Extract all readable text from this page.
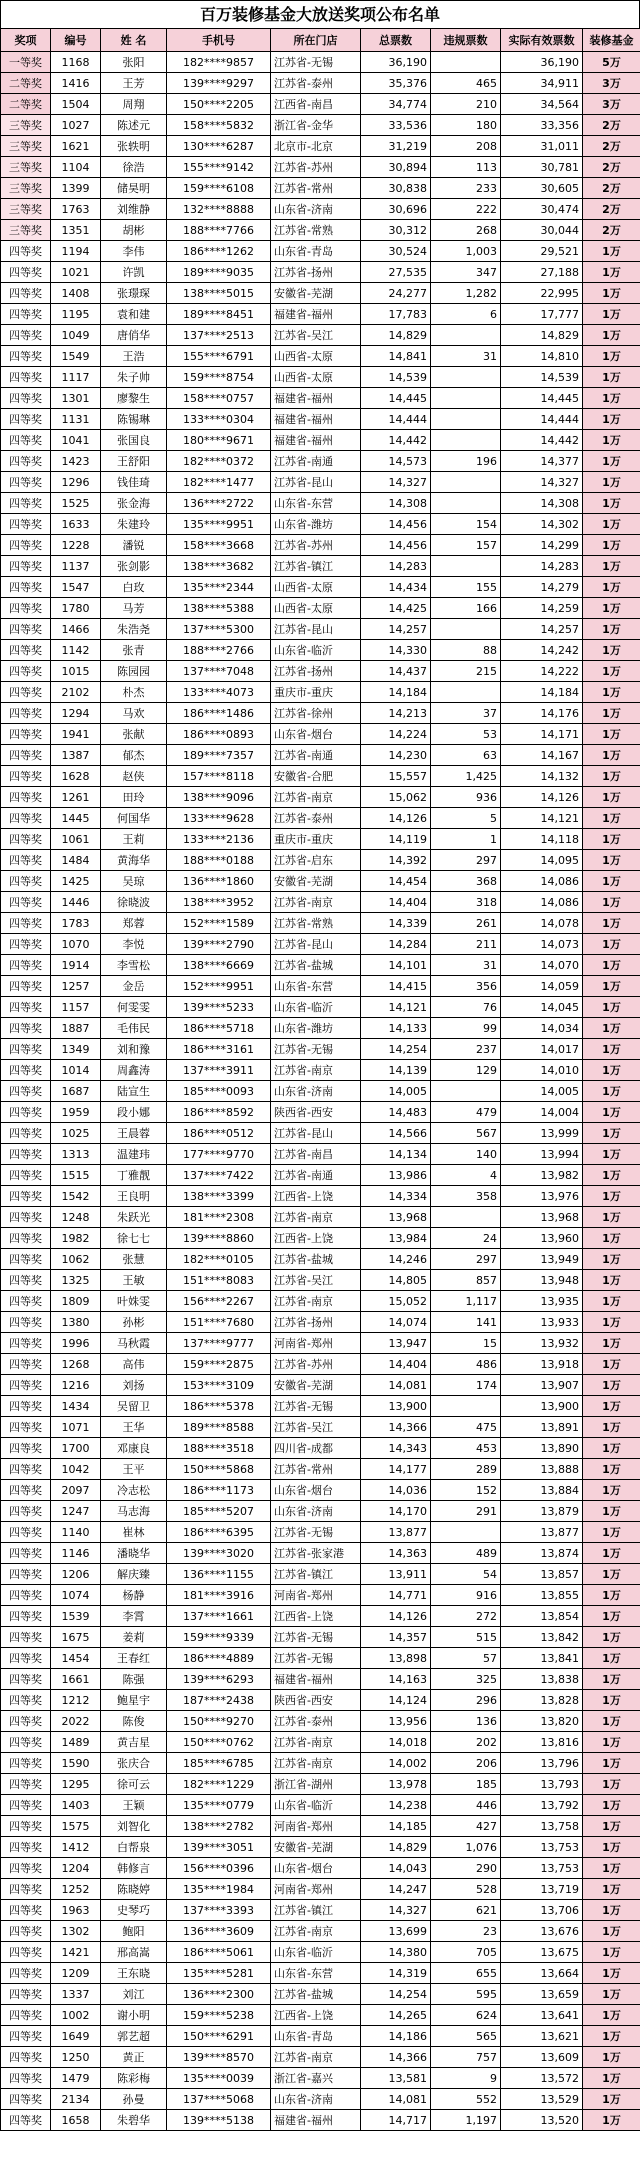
百万装修基金大放送奖项公布名单
奖项	编号	姓 名	手机号	所在门店	总票数	违规票数	实际有效票数	装修基金
一等奖	1168	张阳	182****9857	江苏省-无锡	36,190		36,190	5万
二等奖	1416	王芳	139****9297	江苏省-泰州	35,376	465	34,911	3万
二等奖	1504	周翔	150****2205	江西省-南昌	34,774	210	34,564	3万
三等奖	1027	陈述元	158****5832	浙江省-金华	33,536	180	33,356	2万
三等奖	1621	张轶明	130****6287	北京市-北京	31,219	208	31,011	2万
三等奖	1104	徐浩	155****9142	江苏省-苏州	30,894	113	30,781	2万
三等奖	1399	储昊明	159****6108	江苏省-常州	30,838	233	30,605	2万
三等奖	1763	刘维静	132****8888	山东省-济南	30,696	222	30,474	2万
三等奖	1351	胡彬	188****7766	江苏省-常熟	30,312	268	30,044	2万
四等奖	1194	李伟	186****1262	山东省-青岛	30,524	1,003	29,521	1万
四等奖	1021	许凯	189****9035	江苏省-扬州	27,535	347	27,188	1万
四等奖	1408	张璟琛	138****5015	安徽省-芜湖	24,277	1,282	22,995	1万
四等奖	1195	袁和建	189****8451	福建省-福州	17,783	6	17,777	1万
四等奖	1049	唐俏华	137****2513	江苏省-吴江	14,829		14,829	1万
四等奖	1549	王浩	155****6791	山西省-太原	14,841	31	14,810	1万
四等奖	1117	朱子帅	159****8754	山西省-太原	14,539		14,539	1万
四等奖	1301	廖黎生	158****0757	福建省-福州	14,445		14,445	1万
四等奖	1131	陈锡琳	133****0304	福建省-福州	14,444		14,444	1万
四等奖	1041	张国良	180****9671	福建省-福州	14,442		14,442	1万
四等奖	1423	王舒阳	182****0372	江苏省-南通	14,573	196	14,377	1万
四等奖	1296	钱佳琦	182****1477	江苏省-昆山	14,327		14,327	1万
四等奖	1525	张金海	136****2722	山东省-东营	14,308		14,308	1万
四等奖	1633	朱建玲	135****9951	山东省-潍坊	14,456	154	14,302	1万
四等奖	1228	潘锐	158****3668	江苏省-苏州	14,456	157	14,299	1万
四等奖	1137	张剑影	138****3682	江苏省-镇江	14,283		14,283	1万
四等奖	1547	白玫	135****2344	山西省-太原	14,434	155	14,279	1万
四等奖	1780	马芳	138****5388	山西省-太原	14,425	166	14,259	1万
四等奖	1466	朱浩尧	137****5300	江苏省-昆山	14,257		14,257	1万
四等奖	1142	张青	188****2766	山东省-临沂	14,330	88	14,242	1万
四等奖	1015	陈园园	137****7048	江苏省-扬州	14,437	215	14,222	1万
四等奖	2102	朴杰	133****4073	重庆市-重庆	14,184		14,184	1万
四等奖	1294	马欢	186****1486	江苏省-徐州	14,213	37	14,176	1万
四等奖	1941	张献	186****0893	山东省-烟台	14,224	53	14,171	1万
四等奖	1387	郁杰	189****7357	江苏省-南通	14,230	63	14,167	1万
四等奖	1628	赵侠	157****8118	安徽省-合肥	15,557	1,425	14,132	1万
四等奖	1261	田玲	138****9096	江苏省-南京	15,062	936	14,126	1万
四等奖	1445	何国华	133****9628	江苏省-泰州	14,126	5	14,121	1万
四等奖	1061	王莉	133****2136	重庆市-重庆	14,119	1	14,118	1万
四等奖	1484	黄海华	188****0188	江苏省-启东	14,392	297	14,095	1万
四等奖	1425	吴琼	136****1860	安徽省-芜湖	14,454	368	14,086	1万
四等奖	1446	徐晓波	138****3952	江苏省-南京	14,404	318	14,086	1万
四等奖	1783	郑蓉	152****1589	江苏省-常熟	14,339	261	14,078	1万
四等奖	1070	李悦	139****2790	江苏省-昆山	14,284	211	14,073	1万
四等奖	1914	李雪松	138****6669	江苏省-盐城	14,101	31	14,070	1万
四等奖	1257	金岳	152****9951	山东省-东营	14,415	356	14,059	1万
四等奖	1157	何雯雯	139****5233	山东省-临沂	14,121	76	14,045	1万
四等奖	1887	毛伟民	186****5718	山东省-潍坊	14,133	99	14,034	1万
四等奖	1349	刘和豫	186****3161	江苏省-无锡	14,254	237	14,017	1万
四等奖	1014	周鑫涛	137****3911	江苏省-南京	14,139	129	14,010	1万
四等奖	1687	陆宣生	185****0093	山东省-济南	14,005		14,005	1万
四等奖	1959	段小娜	186****8592	陕西省-西安	14,483	479	14,004	1万
四等奖	1025	王晨蓉	186****0512	江苏省-昆山	14,566	567	13,999	1万
四等奖	1313	温建玮	177****9770	江苏省-南昌	14,134	140	13,994	1万
四等奖	1515	丁雅靓	137****7422	江苏省-南通	13,986	4	13,982	1万
四等奖	1542	王良明	138****3399	江西省-上饶	14,334	358	13,976	1万
四等奖	1248	朱跃光	181****2308	江苏省-南京	13,968		13,968	1万
四等奖	1982	徐七七	139****8860	江西省-上饶	13,984	24	13,960	1万
四等奖	1062	张慧	182****0105	江苏省-盐城	14,246	297	13,949	1万
四等奖	1325	王敏	151****8083	江苏省-吴江	14,805	857	13,948	1万
四等奖	1809	叶姝雯	156****2267	江苏省-南京	15,052	1,117	13,935	1万
四等奖	1380	孙彬	151****7680	江苏省-扬州	14,074	141	13,933	1万
四等奖	1996	马秋霞	137****9777	河南省-郑州	13,947	15	13,932	1万
四等奖	1268	高伟	159****2875	江苏省-苏州	14,404	486	13,918	1万
四等奖	1216	刘扬	153****3109	安徽省-芜湖	14,081	174	13,907	1万
四等奖	1434	吴留卫	186****5378	江苏省-无锡	13,900		13,900	1万
四等奖	1071	王华	189****8588	江苏省-吴江	14,366	475	13,891	1万
四等奖	1700	邓康良	188****3518	四川省-成都	14,343	453	13,890	1万
四等奖	1042	王平	150****5868	江苏省-常州	14,177	289	13,888	1万
四等奖	2097	冷志松	186****1173	山东省-烟台	14,036	152	13,884	1万
四等奖	1247	马志海	185****5207	山东省-济南	14,170	291	13,879	1万
四等奖	1140	崔林	186****6395	江苏省-无锡	13,877		13,877	1万
四等奖	1146	潘晓华	139****3020	江苏省-张家港	14,363	489	13,874	1万
四等奖	1206	解庆臻	136****1155	江苏省-镇江	13,911	54	13,857	1万
四等奖	1074	杨静	181****3916	河南省-郑州	14,771	916	13,855	1万
四等奖	1539	李霄	137****1661	江西省-上饶	14,126	272	13,854	1万
四等奖	1675	姜莉	159****9339	江苏省-无锡	14,357	515	13,842	1万
四等奖	1454	王春红	186****4889	江苏省-无锡	13,898	57	13,841	1万
四等奖	1661	陈强	139****6293	福建省-福州	14,163	325	13,838	1万
四等奖	1212	鲍星宇	187****2438	陕西省-西安	14,124	296	13,828	1万
四等奖	2022	陈俊	150****9270	江苏省-泰州	13,956	136	13,820	1万
四等奖	1489	黄吉星	150****0762	江苏省-南京	14,018	202	13,816	1万
四等奖	1590	张庆合	185****6785	江苏省-南京	14,002	206	13,796	1万
四等奖	1295	徐可云	182****1229	浙江省-湖州	13,978	185	13,793	1万
四等奖	1403	王颖	135****0779	山东省-临沂	14,238	446	13,792	1万
四等奖	1575	刘智化	138****2782	河南省-郑州	14,185	427	13,758	1万
四等奖	1412	白帮泉	139****3051	安徽省-芜湖	14,829	1,076	13,753	1万
四等奖	1204	韩修言	156****0396	山东省-烟台	14,043	290	13,753	1万
四等奖	1252	陈晓婷	135****1984	河南省-郑州	14,247	528	13,719	1万
四等奖	1963	史琴巧	137****3393	江苏省-镇江	14,327	621	13,706	1万
四等奖	1302	鲍阳	136****3609	江苏省-南京	13,699	23	13,676	1万
四等奖	1421	邢高嵩	186****5061	山东省-临沂	14,380	705	13,675	1万
四等奖	1209	王东晓	135****5281	山东省-东营	14,319	655	13,664	1万
四等奖	1337	刘江	136****2300	江苏省-盐城	14,254	595	13,659	1万
四等奖	1002	谢小明	159****5238	江西省-上饶	14,265	624	13,641	1万
四等奖	1649	郭艺超	150****6291	山东省-青岛	14,186	565	13,621	1万
四等奖	1250	黄正	139****8570	江苏省-南京	14,366	757	13,609	1万
四等奖	1479	陈彩梅	135****0039	浙江省-嘉兴	13,581	9	13,572	1万
四等奖	2134	孙曼	137****5068	山东省-济南	14,081	552	13,529	1万
四等奖	1658	朱碧华	139****5138	福建省-福州	14,717	1,197	13,520	1万
